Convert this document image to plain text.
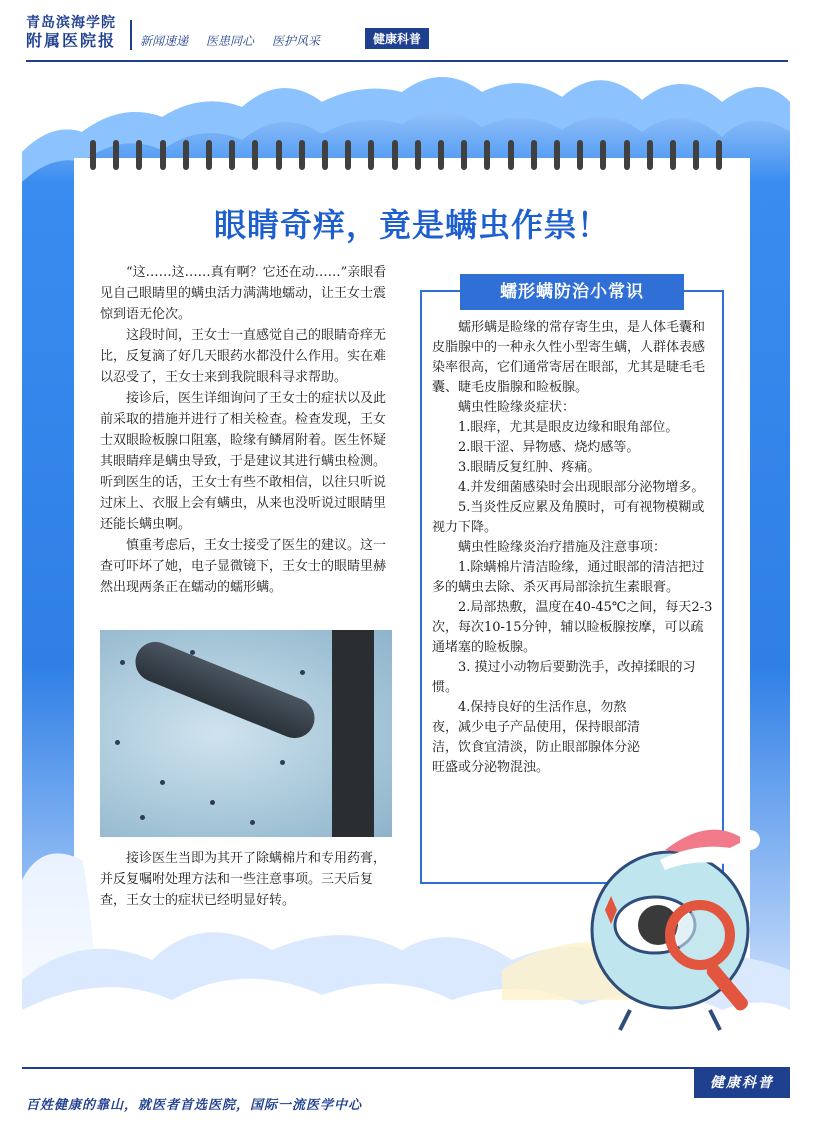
青岛滨海学院
附属医院报	新闻速递 医患同心 医护风采	健康科普
眼睛奇痒，竟是螨虫作祟！

“这……这……真有啊？它还在动……”亲眼看见自己眼睛里的螨虫活力满满地蠕动，让王女士震惊到语无伦次。

这段时间，王女士一直感觉自己的眼睛奇痒无比，反复滴了好几天眼药水都没什么作用。实在难以忍受了，王女士来到我院眼科寻求帮助。

接诊后，医生详细询问了王女士的症状以及此前采取的措施并进行了相关检查。检查发现，王女士双眼睑板腺口阻塞，睑缘有鳞屑附着。医生怀疑其眼睛痒是螨虫导致，于是建议其进行螨虫检测。听到医生的话，王女士有些不敢相信，以往只听说过床上、衣服上会有螨虫，从来也没听说过眼睛里还能长螨虫啊。

慎重考虑后，王女士接受了医生的建议。这一查可吓坏了她，电子显微镜下，王女士的眼睛里赫然出现两条正在蠕动的蠕形螨。

接诊医生当即为其开了除螨棉片和专用药膏，并反复嘱咐处理方法和一些注意事项。三天后复查，王女士的症状已经明显好转。

蠕形螨防治小常识

蠕形螨是睑缘的常存寄生虫，是人体毛囊和皮脂腺中的一种永久性小型寄生螨，人群体表感染率很高，它们通常寄居在眼部，尤其是睫毛毛囊、睫毛皮脂腺和睑板腺。

螨虫性睑缘炎症状：

1.眼痒，尤其是眼皮边缘和眼角部位。

2.眼干涩、异物感、烧灼感等。

3.眼睛反复红肿、疼痛。

4.并发细菌感染时会出现眼部分泌物增多。

5.当炎性反应累及角膜时，可有视物模糊或视力下降。

螨虫性睑缘炎治疗措施及注意事项：

1.除螨棉片清洁睑缘，通过眼部的清洁把过多的螨虫去除、杀灭再局部涂抗生素眼膏。

2.局部热敷，温度在40-45℃之间，每天2-3次，每次10-15分钟，辅以睑板腺按摩，可以疏通堵塞的睑板腺。

3. 摸过小动物后要勤洗手，改掉揉眼的习惯。

4.保持良好的生活作息，勿熬夜，减少电子产品使用，保持眼部清洁，饮食宜清淡，防止眼部腺体分泌旺盛或分泌物混浊。

健康科普
百姓健康的靠山，就医者首选医院，国际一流医学中心
